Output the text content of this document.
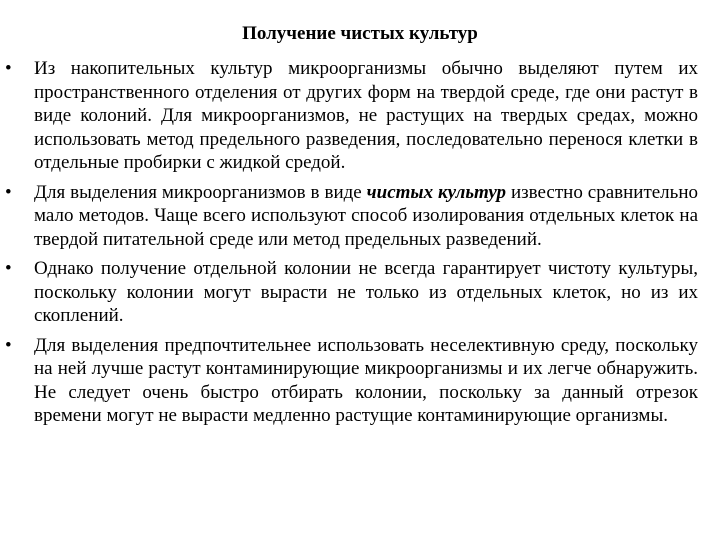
Получение чистых культур
• Из накопительных культур микроорганизмы обычно выделяют путем их пространственного отделения от других форм на твердой среде, где они растут в виде колоний. Для микроорганизмов, не растущих на твердых средах, можно использовать метод предельного разведения, последовательно перенося клетки в отдельные пробирки с жидкой средой.
• Для выделения микроорганизмов в виде чистых культур известно сравнительно мало методов. Чаще всего используют способ изолирования отдельных клеток на твердой питательной среде или метод предельных разведений.
• Однако получение отдельной колонии не всегда гарантирует чистоту культуры, поскольку колонии могут вырасти не только из отдельных клеток, но из их скоплений.
• Для выделения предпочтительнее использовать неселективную среду, поскольку на ней лучше растут контаминирующие микроорганизмы и их легче обнаружить. Не следует очень быстро отбирать колонии, поскольку за данный отрезок времени могут не вырасти медленно растущие контаминирующие организмы.
